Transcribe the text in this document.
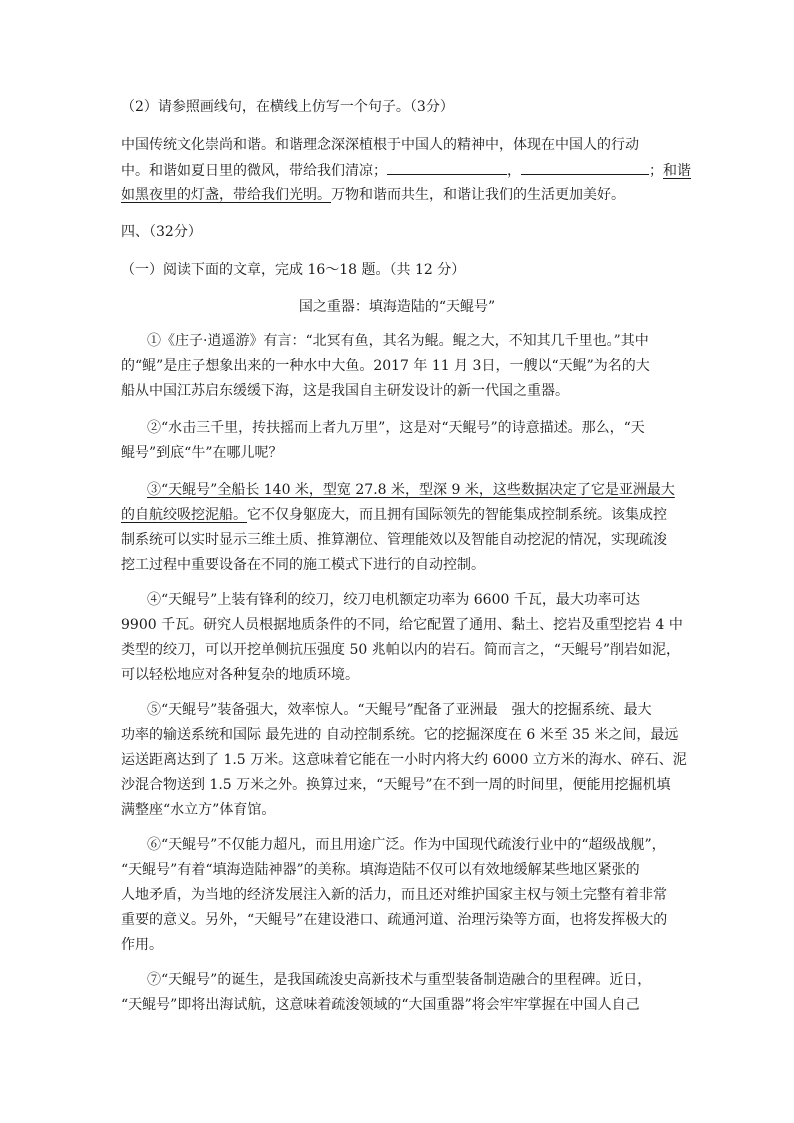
（2）请参照画线句，在横线上仿写一个句子。（3分）
中国传统文化崇尚和谐。和谐理念深深植根于中国人的精神中，体现在中国人的行动
中。和谐如夏日里的微风，带给我们清凉；	，	；和谐
如黑夜里的灯盏，带给我们光明。万物和谐而共生，和谐让我们的生活更加美好。
四、（32分）
（一）阅读下面的文章，完成 16～18 题。（共 12 分）
国之重器：填海造陆的“天鲲号”
①《庄子·逍遥游》有言：“北冥有鱼，其名为鲲。鲲之大，不知其几千里也。”其中
的“鲲”是庄子想象出来的一种水中大鱼。2017 年 11 月 3日，一艘以“天鲲”为名的大
船从中国江苏启东缓缓下海，这是我国自主研发设计的新一代国之重器。
②“水击三千里，抟扶摇而上者九万里”，这是对“天鲲号”的诗意描述。那么，“天
鲲号”到底“牛”在哪儿呢？
③“天鲲号”全船长 140 米，型宽 27.8 米，型深 9 米，这些数据决定了它是亚洲最大
的自航绞吸挖泥船。它不仅身躯庞大，而且拥有国际领先的智能集成控制系统。该集成控
制系统可以实时显示三维土质、推算潮位、管理能效以及智能自动挖泥的情况，实现疏浚
挖工过程中重要设备在不同的施工模式下进行的自动控制。
④“天鲲号”上装有锋利的绞刀，绞刀电机额定功率为 6600 千瓦，最大功率可达
9900 千瓦。研究人员根据地质条件的不同，给它配置了通用、黏土、挖岩及重型挖岩 4 中
类型的绞刀，可以开挖单侧抗压强度 50 兆帕以内的岩石。简而言之，“天鲲号”削岩如泥，
可以轻松地应对各种复杂的地质环境。
⑤“天鲲号”装备强大，效率惊人。“天鲲号”配备了亚洲最　强大的挖掘系统、最大
功率的输送系统和国际 最先进的 自动控制系统。它的挖掘深度在 6 米至 35 米之间，最远
运送距离达到了 1.5 万米。这意味着它能在一小时内将大约 6000 立方米的海水、碎石、泥
沙混合物送到 1.5 万米之外。换算过来，“天鲲号”在不到一周的时间里，便能用挖掘机填
满整座“水立方”体育馆。
⑥“天鲲号”不仅能力超凡，而且用途广泛。作为中国现代疏浚行业中的“超级战舰”，
“天鲲号”有着“填海造陆神器”的美称。填海造陆不仅可以有效地缓解某些地区紧张的
人地矛盾，为当地的经济发展注入新的活力，而且还对维护国家主权与领土完整有着非常
重要的意义。另外，“天鲲号”在建设港口、疏通河道、治理污染等方面，也将发挥极大的
作用。
⑦“天鲲号”的诞生，是我国疏浚史高新技术与重型装备制造融合的里程碑。近日，
“天鲲号”即将出海试航，这意味着疏浚领域的“大国重器”将会牢牢掌握在中国人自己
